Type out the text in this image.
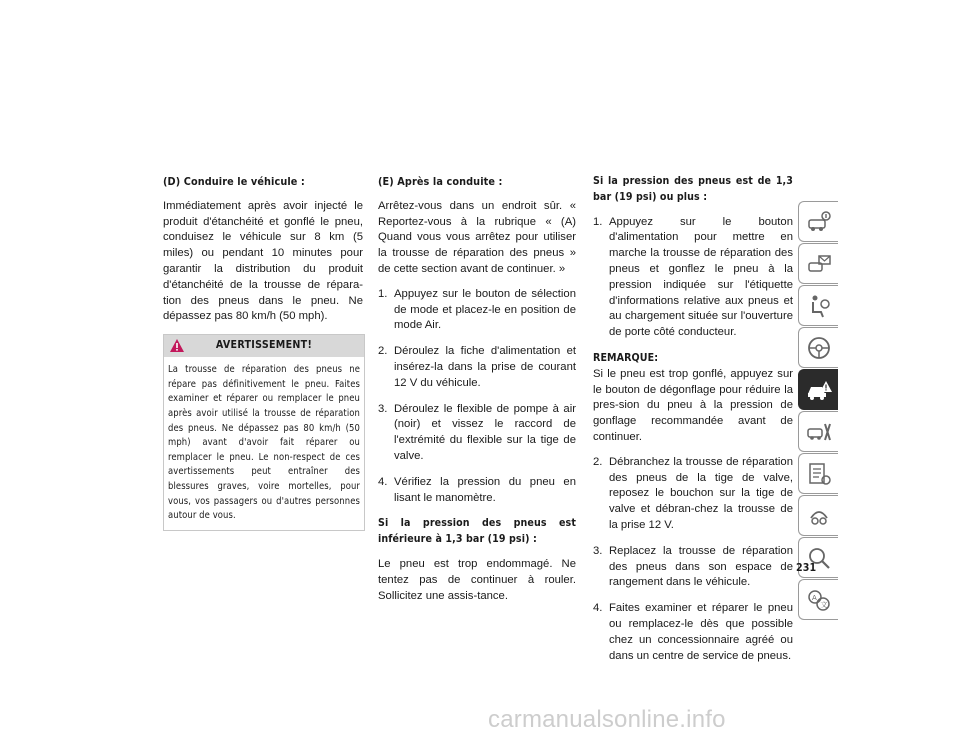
(D) Conduire le véhicule :

Immédiatement après avoir injecté le produit d'étanchéité et gonflé le pneu, conduisez le véhicule sur 8 km (5 miles) ou pendant 10 minutes pour garantir la distribution du produit d'étanchéité de la trousse de répara-tion des pneus dans le pneu. Ne dépassez pas 80 km/h (50 mph).

AVERTISSEMENT!
La trousse de réparation des pneus ne répare pas définitivement le pneu. Faites examiner et réparer ou remplacer le pneu après avoir utilisé la trousse de réparation des pneus. Ne dépassez pas 80 km/h (50 mph) avant d'avoir fait réparer ou remplacer le pneu. Le non-respect de ces avertissements peut entraîner des blessures graves, voire mortelles, pour vous, vos passagers ou d'autres personnes autour de vous.

(E) Après la conduite :

Arrêtez-vous dans un endroit sûr. « Reportez-vous à la rubrique « (A) Quand vous vous arrêtez pour utiliser la trousse de réparation des pneus » de cette section avant de continuer. »

1. Appuyez sur le bouton de sélection de mode et placez-le en position de mode Air.
2. Déroulez la fiche d'alimentation et insérez-la dans la prise de courant 12 V du véhicule.
3. Déroulez le flexible de pompe à air (noir) et vissez le raccord de l'extrémité du flexible sur la tige de valve.
4. Vérifiez la pression du pneu en lisant le manomètre.

Si la pression des pneus est inférieure à 1,3 bar (19 psi) :

Le pneu est trop endommagé. Ne tentez pas de continuer à rouler. Sollicitez une assis-tance.

Si la pression des pneus est de 1,3 bar (19 psi) ou plus :

1. Appuyez sur le bouton d'alimentation pour mettre en marche la trousse de réparation des pneus et gonflez le pneu à la pression indiquée sur l'étiquette d'informations relative aux pneus et au chargement située sur l'ouverture de porte côté conducteur.

REMARQUE:
Si le pneu est trop gonflé, appuyez sur le bouton de dégonflage pour réduire la pres-sion du pneu à la pression de gonflage recommandée avant de continuer.

2. Débranchez la trousse de réparation des pneus de la tige de valve, reposez le bouchon sur la tige de valve et débran-chez la trousse de la prise 12 V.
3. Replacez la trousse de réparation des pneus dans son espace de rangement dans le véhicule.
4. Faites examiner et réparer le pneu ou remplacez-le dès que possible chez un concessionnaire agréé ou dans un centre de service de pneus.
A
文
231
carmanualsonline.info
